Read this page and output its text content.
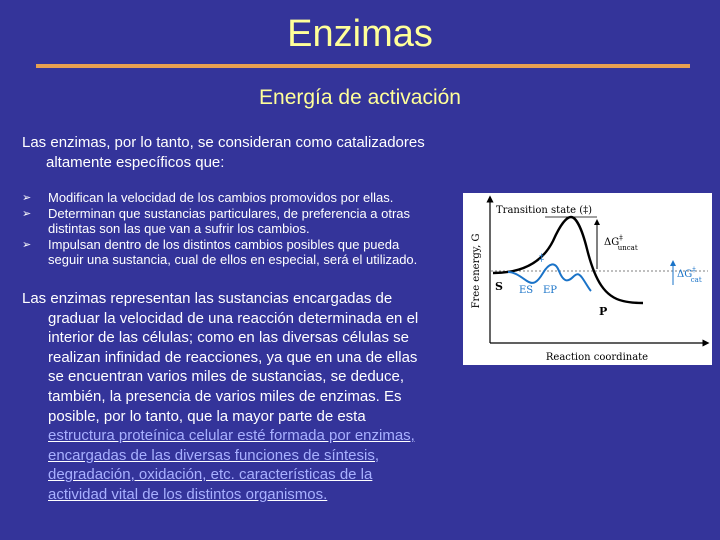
Enzimas
Energía de activación
Las enzimas, por lo tanto, se consideran como catalizadores
altamente específicos que:
➢	Modifican la velocidad de los cambios promovidos por ellas.
➢	Determinan que sustancias particulares, de preferencia a otras
distintas son las que van a sufrir los cambios.
➢	Impulsan dentro de los distintos cambios posibles que pueda
seguir una sustancia, cual de ellos en especial, será el utilizado.
Las enzimas representan las sustancias encargadas de
graduar la velocidad de una reacción determinada en el
interior de las células; como en las diversas células se
realizan infinidad de reacciones, ya que en una de ellas
se encuentran varios miles de sustancias, se deduce,
también, la presencia de varios miles de enzimas. Es
posible, por lo tanto, que la mayor parte de esta
estructura proteínica celular esté formada por enzimas,
encargadas de las diversas funciones de síntesis,
degradación, oxidación, etc. características de la
actividad vital de los distintos organismos.
Free energy, G
Reaction coordinate
Transition state (‡)
S
P
ES EP
‡
ΔG‡ uncat
ΔG‡ cat
